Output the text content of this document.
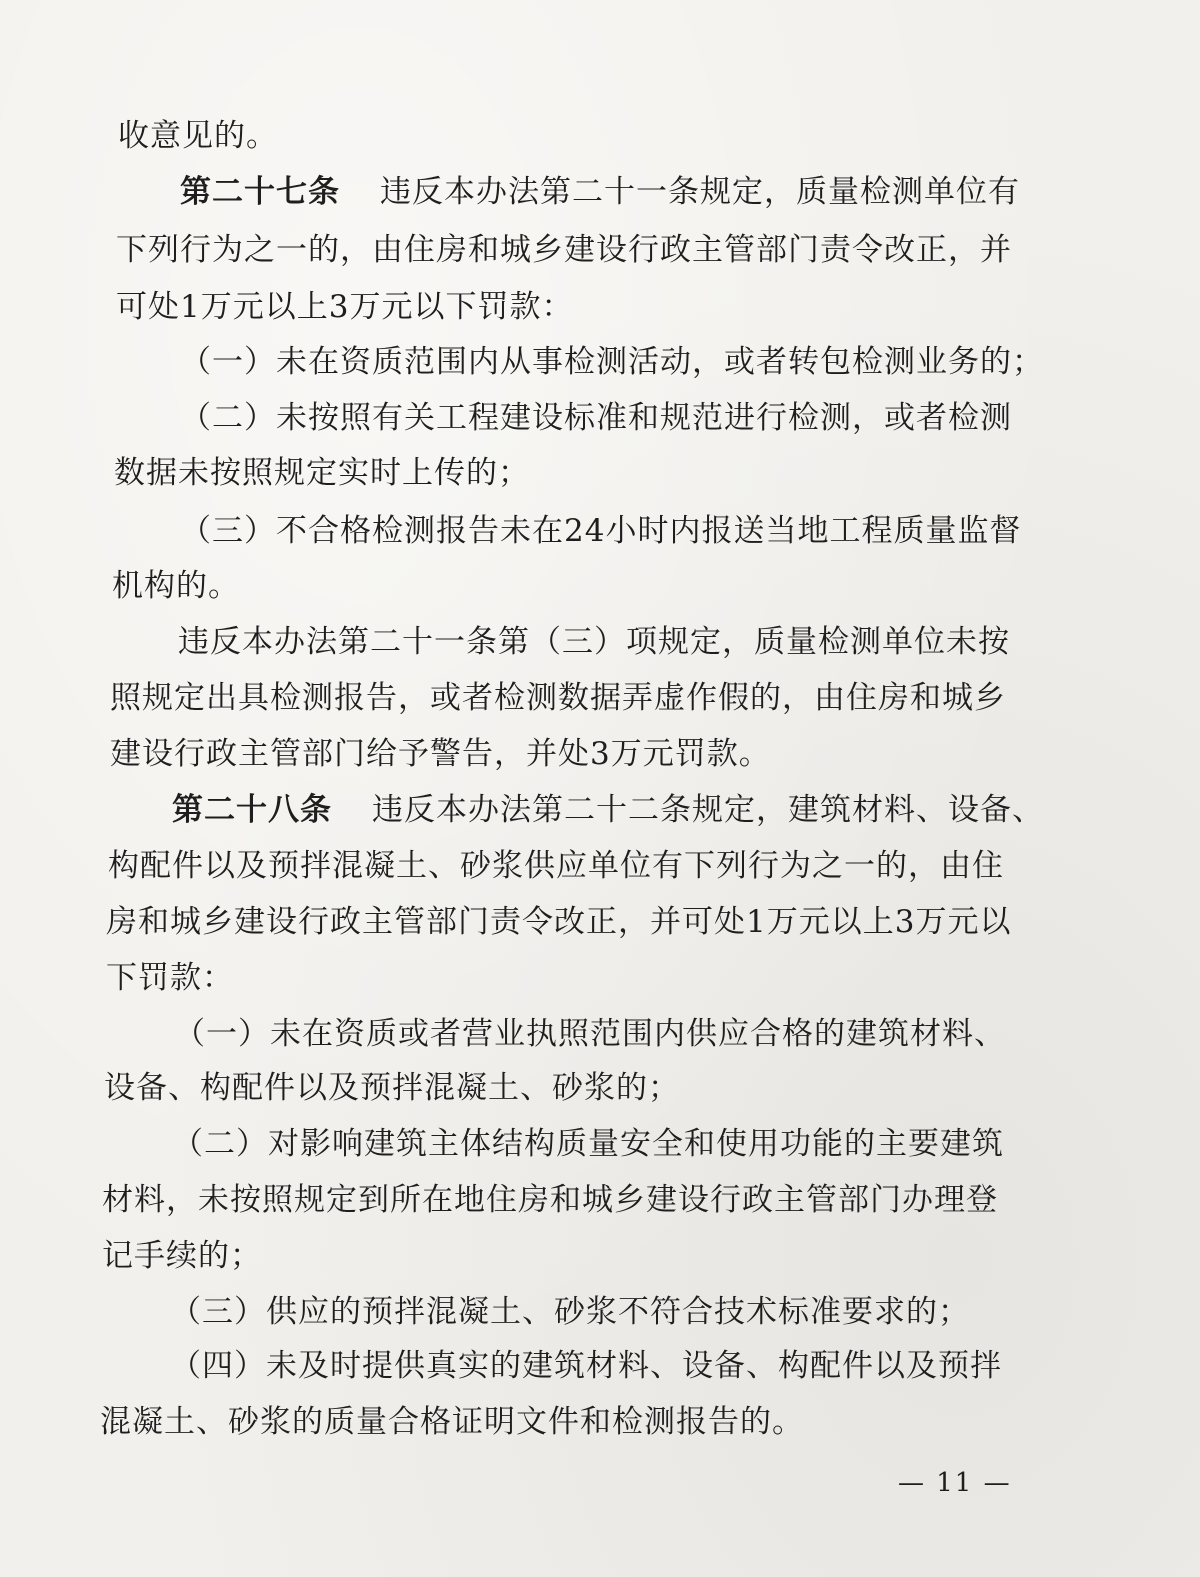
收意见的。
第二十七条 违反本办法第二十一条规定，质量检测单位有
下列行为之一的，由住房和城乡建设行政主管部门责令改正，并
可处1万元以上3万元以下罚款：
（一）未在资质范围内从事检测活动，或者转包检测业务的；
（二）未按照有关工程建设标准和规范进行检测，或者检测
数据未按照规定实时上传的；
（三）不合格检测报告未在24小时内报送当地工程质量监督
机构的。
违反本办法第二十一条第（三）项规定，质量检测单位未按
照规定出具检测报告，或者检测数据弄虚作假的，由住房和城乡
建设行政主管部门给予警告，并处3万元罚款。
第二十八条 违反本办法第二十二条规定，建筑材料、设备、
构配件以及预拌混凝土、砂浆供应单位有下列行为之一的，由住
房和城乡建设行政主管部门责令改正，并可处1万元以上3万元以
下罚款：
（一）未在资质或者营业执照范围内供应合格的建筑材料、
设备、构配件以及预拌混凝土、砂浆的；
（二）对影响建筑主体结构质量安全和使用功能的主要建筑
材料，未按照规定到所在地住房和城乡建设行政主管部门办理登
记手续的；
（三）供应的预拌混凝土、砂浆不符合技术标准要求的；
（四）未及时提供真实的建筑材料、设备、构配件以及预拌
混凝土、砂浆的质量合格证明文件和检测报告的。
— 11 —
